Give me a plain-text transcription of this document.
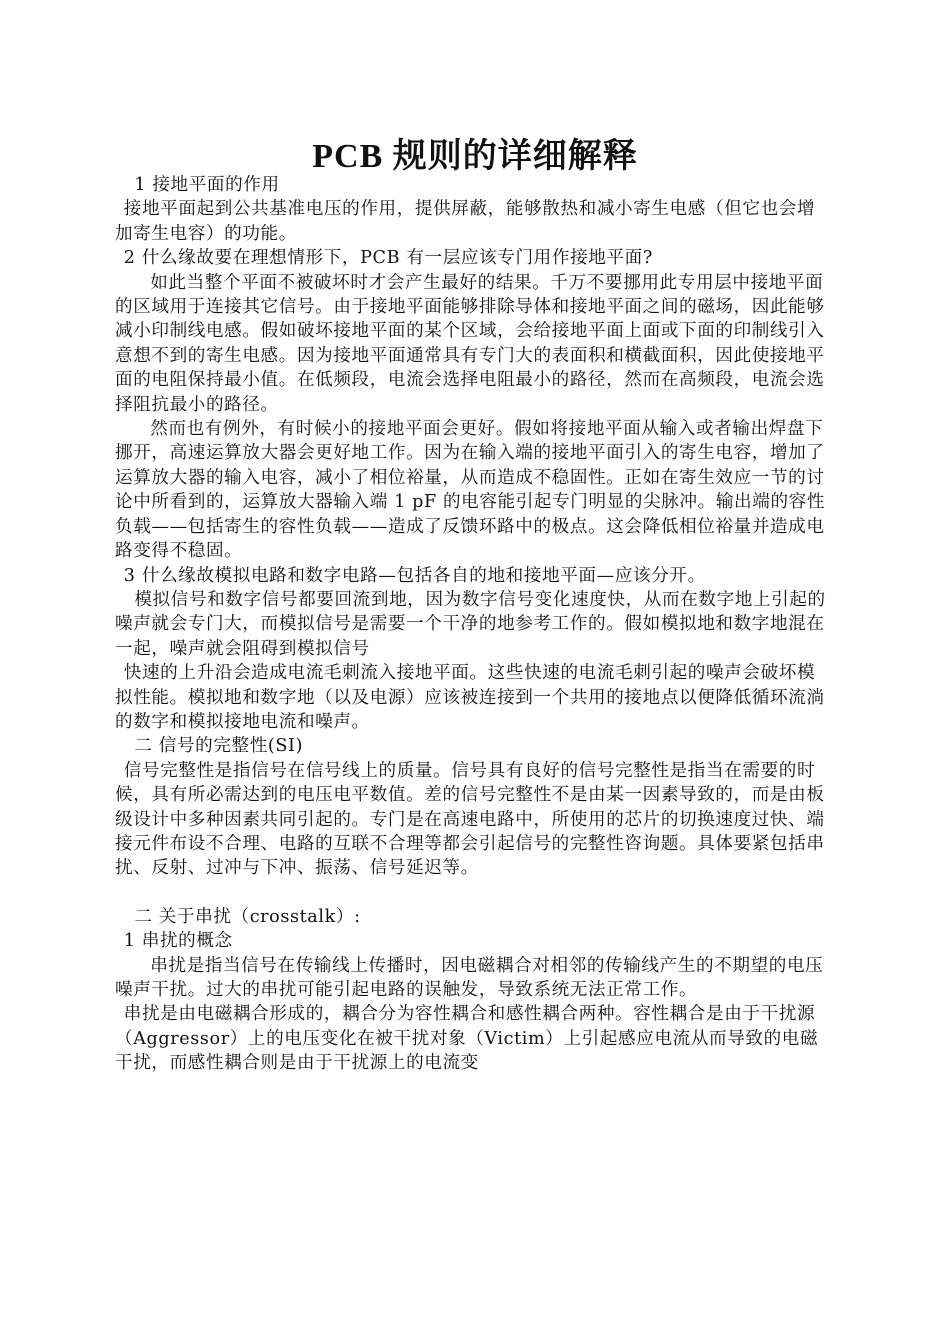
PCB 规则的详细解释

1 接地平面的作用

接地平面起到公共基准电压的作用，提供屏蔽，能够散热和减小寄生电感（但它也会增加寄生电容）的功能。

2 什么缘故要在理想情形下，PCB 有一层应该专门用作接地平面?

如此当整个平面不被破坏时才会产生最好的结果。千万不要挪用此专用层中接地平面的区域用于连接其它信号。由于接地平面能够排除导体和接地平面之间的磁场，因此能够减小印制线电感。假如破坏接地平面的某个区域，会给接地平面上面或下面的印制线引入意想不到的寄生电感。因为接地平面通常具有专门大的表面积和横截面积，因此使接地平面的电阻保持最小值。在低频段，电流会选择电阻最小的路径，然而在高频段，电流会选择阻抗最小的路径。

然而也有例外，有时候小的接地平面会更好。假如将接地平面从输入或者输出焊盘下挪开，高速运算放大器会更好地工作。因为在输入端的接地平面引入的寄生电容，增加了运算放大器的输入电容，减小了相位裕量，从而造成不稳固性。正如在寄生效应一节的讨论中所看到的，运算放大器输入端 1 pF 的电容能引起专门明显的尖脉冲。输出端的容性负载——包括寄生的容性负载——造成了反馈环路中的极点。这会降低相位裕量并造成电路变得不稳固。

3 什么缘故模拟电路和数字电路—包括各自的地和接地平面—应该分开。

模拟信号和数字信号都要回流到地，因为数字信号变化速度快，从而在数字地上引起的噪声就会专门大，而模拟信号是需要一个干净的地参考工作的。假如模拟地和数字地混在一起，噪声就会阻碍到模拟信号

快速的上升沿会造成电流毛刺流入接地平面。这些快速的电流毛刺引起的噪声会破坏模拟性能。模拟地和数字地（以及电源）应该被连接到一个共用的接地点以便降低循环流淌的数字和模拟接地电流和噪声。

二 信号的完整性(SI)

信号完整性是指信号在信号线上的质量。信号具有良好的信号完整性是指当在需要的时候，具有所必需达到的电压电平数值。差的信号完整性不是由某一因素导致的，而是由板级设计中多种因素共同引起的。专门是在高速电路中，所使用的芯片的切换速度过快、端接元件布设不合理、电路的互联不合理等都会引起信号的完整性咨询题。具体要紧包括串扰、反射、过冲与下冲、振荡、信号延迟等。

二 关于串扰（crosstalk）:

1 串扰的概念

串扰是指当信号在传输线上传播时，因电磁耦合对相邻的传输线产生的不期望的电压噪声干扰。过大的串扰可能引起电路的误触发，导致系统无法正常工作。

串扰是由电磁耦合形成的，耦合分为容性耦合和感性耦合两种。容性耦合是由于干扰源（Aggressor）上的电压变化在被干扰对象（Victim）上引起感应电流从而导致的电磁干扰，而感性耦合则是由于干扰源上的电流变
